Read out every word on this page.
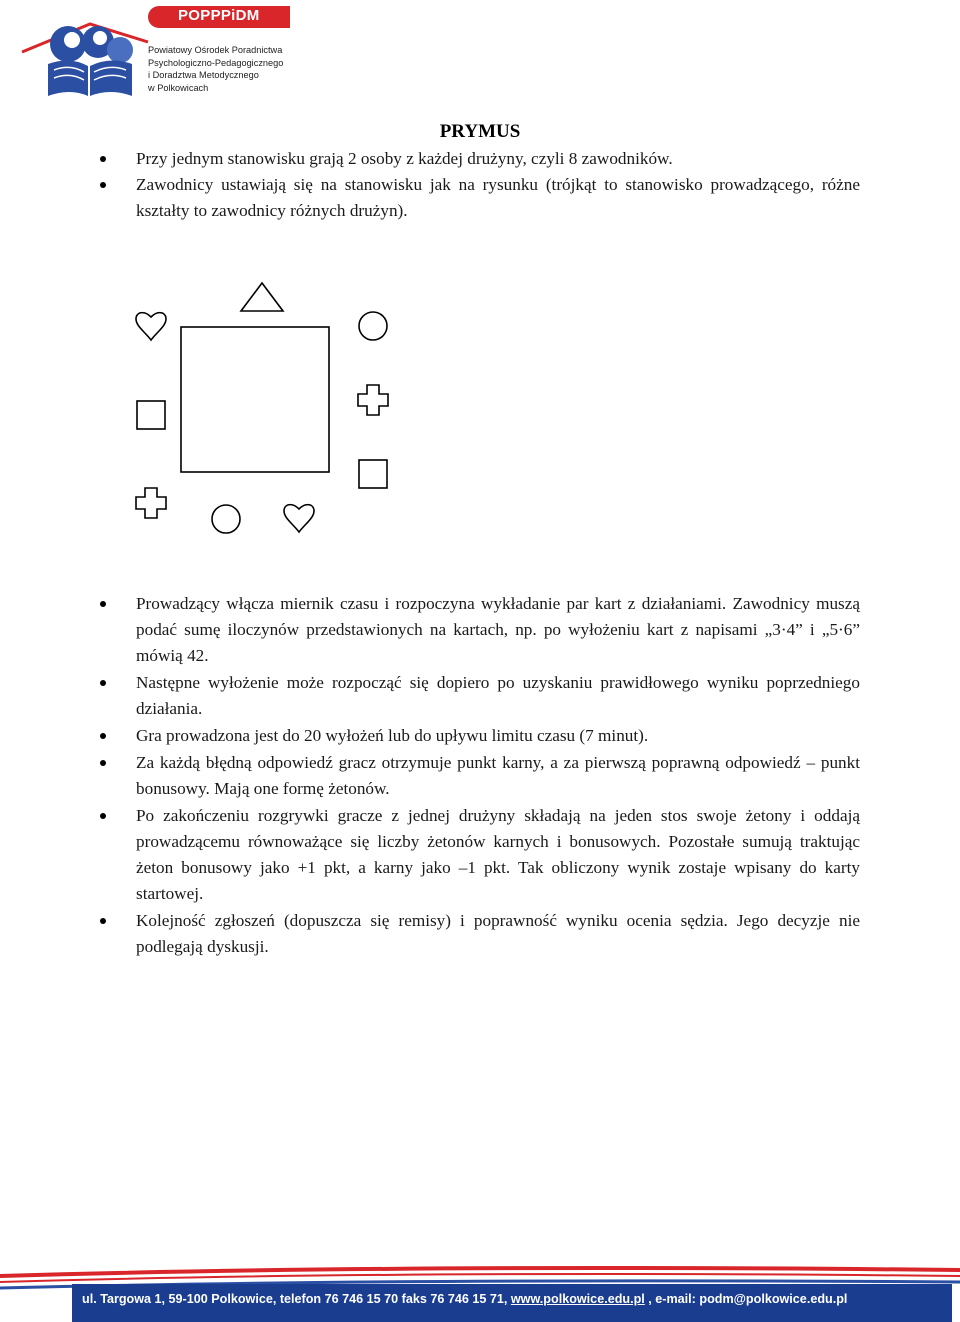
POPPPiDM
Powiatowy Ośrodek Poradnictwa
Psychologiczno-Pedagogicznego
i Doradztwa Metodycznego
w Polkowicach
PRYMUS
Przy jednym stanowisku grają 2 osoby z każdej drużyny, czyli 8 zawodników.
Zawodnicy ustawiają się na stanowisku jak na rysunku (trójkąt to stanowisko prowadzącego, różne kształty to zawodnicy różnych drużyn).
Prowadzący włącza miernik czasu i rozpoczyna wykładanie par kart z działaniami. Zawodnicy muszą podać sumę iloczynów przedstawionych na kartach, np. po wyłożeniu kart z napisami „3·4” i „5·6” mówią 42.
Następne wyłożenie może rozpocząć się dopiero po uzyskaniu prawidłowego wyniku poprzedniego działania.
Gra prowadzona jest do 20 wyłożeń lub do upływu limitu czasu (7 minut).
Za każdą błędną odpowiedź gracz otrzymuje punkt karny, a za pierwszą poprawną odpowiedź – punkt bonusowy. Mają one formę żetonów.
Po zakończeniu rozgrywki gracze z jednej drużyny składają na jeden stos swoje żetony i oddają prowadzącemu równoważące się liczby żetonów karnych i bonusowych. Pozostałe sumują traktując żeton bonusowy jako +1 pkt, a karny jako –1 pkt. Tak obliczony wynik zostaje wpisany do karty startowej.
Kolejność zgłoszeń (dopuszcza się remisy) i poprawność wyniku ocenia sędzia. Jego decyzje nie podlegają dyskusji.
ul. Targowa 1, 59-100 Polkowice, telefon 76 746 15 70 faks 76 746 15 71, www.polkowice.edu.pl , e-mail: podm@polkowice.edu.pl
